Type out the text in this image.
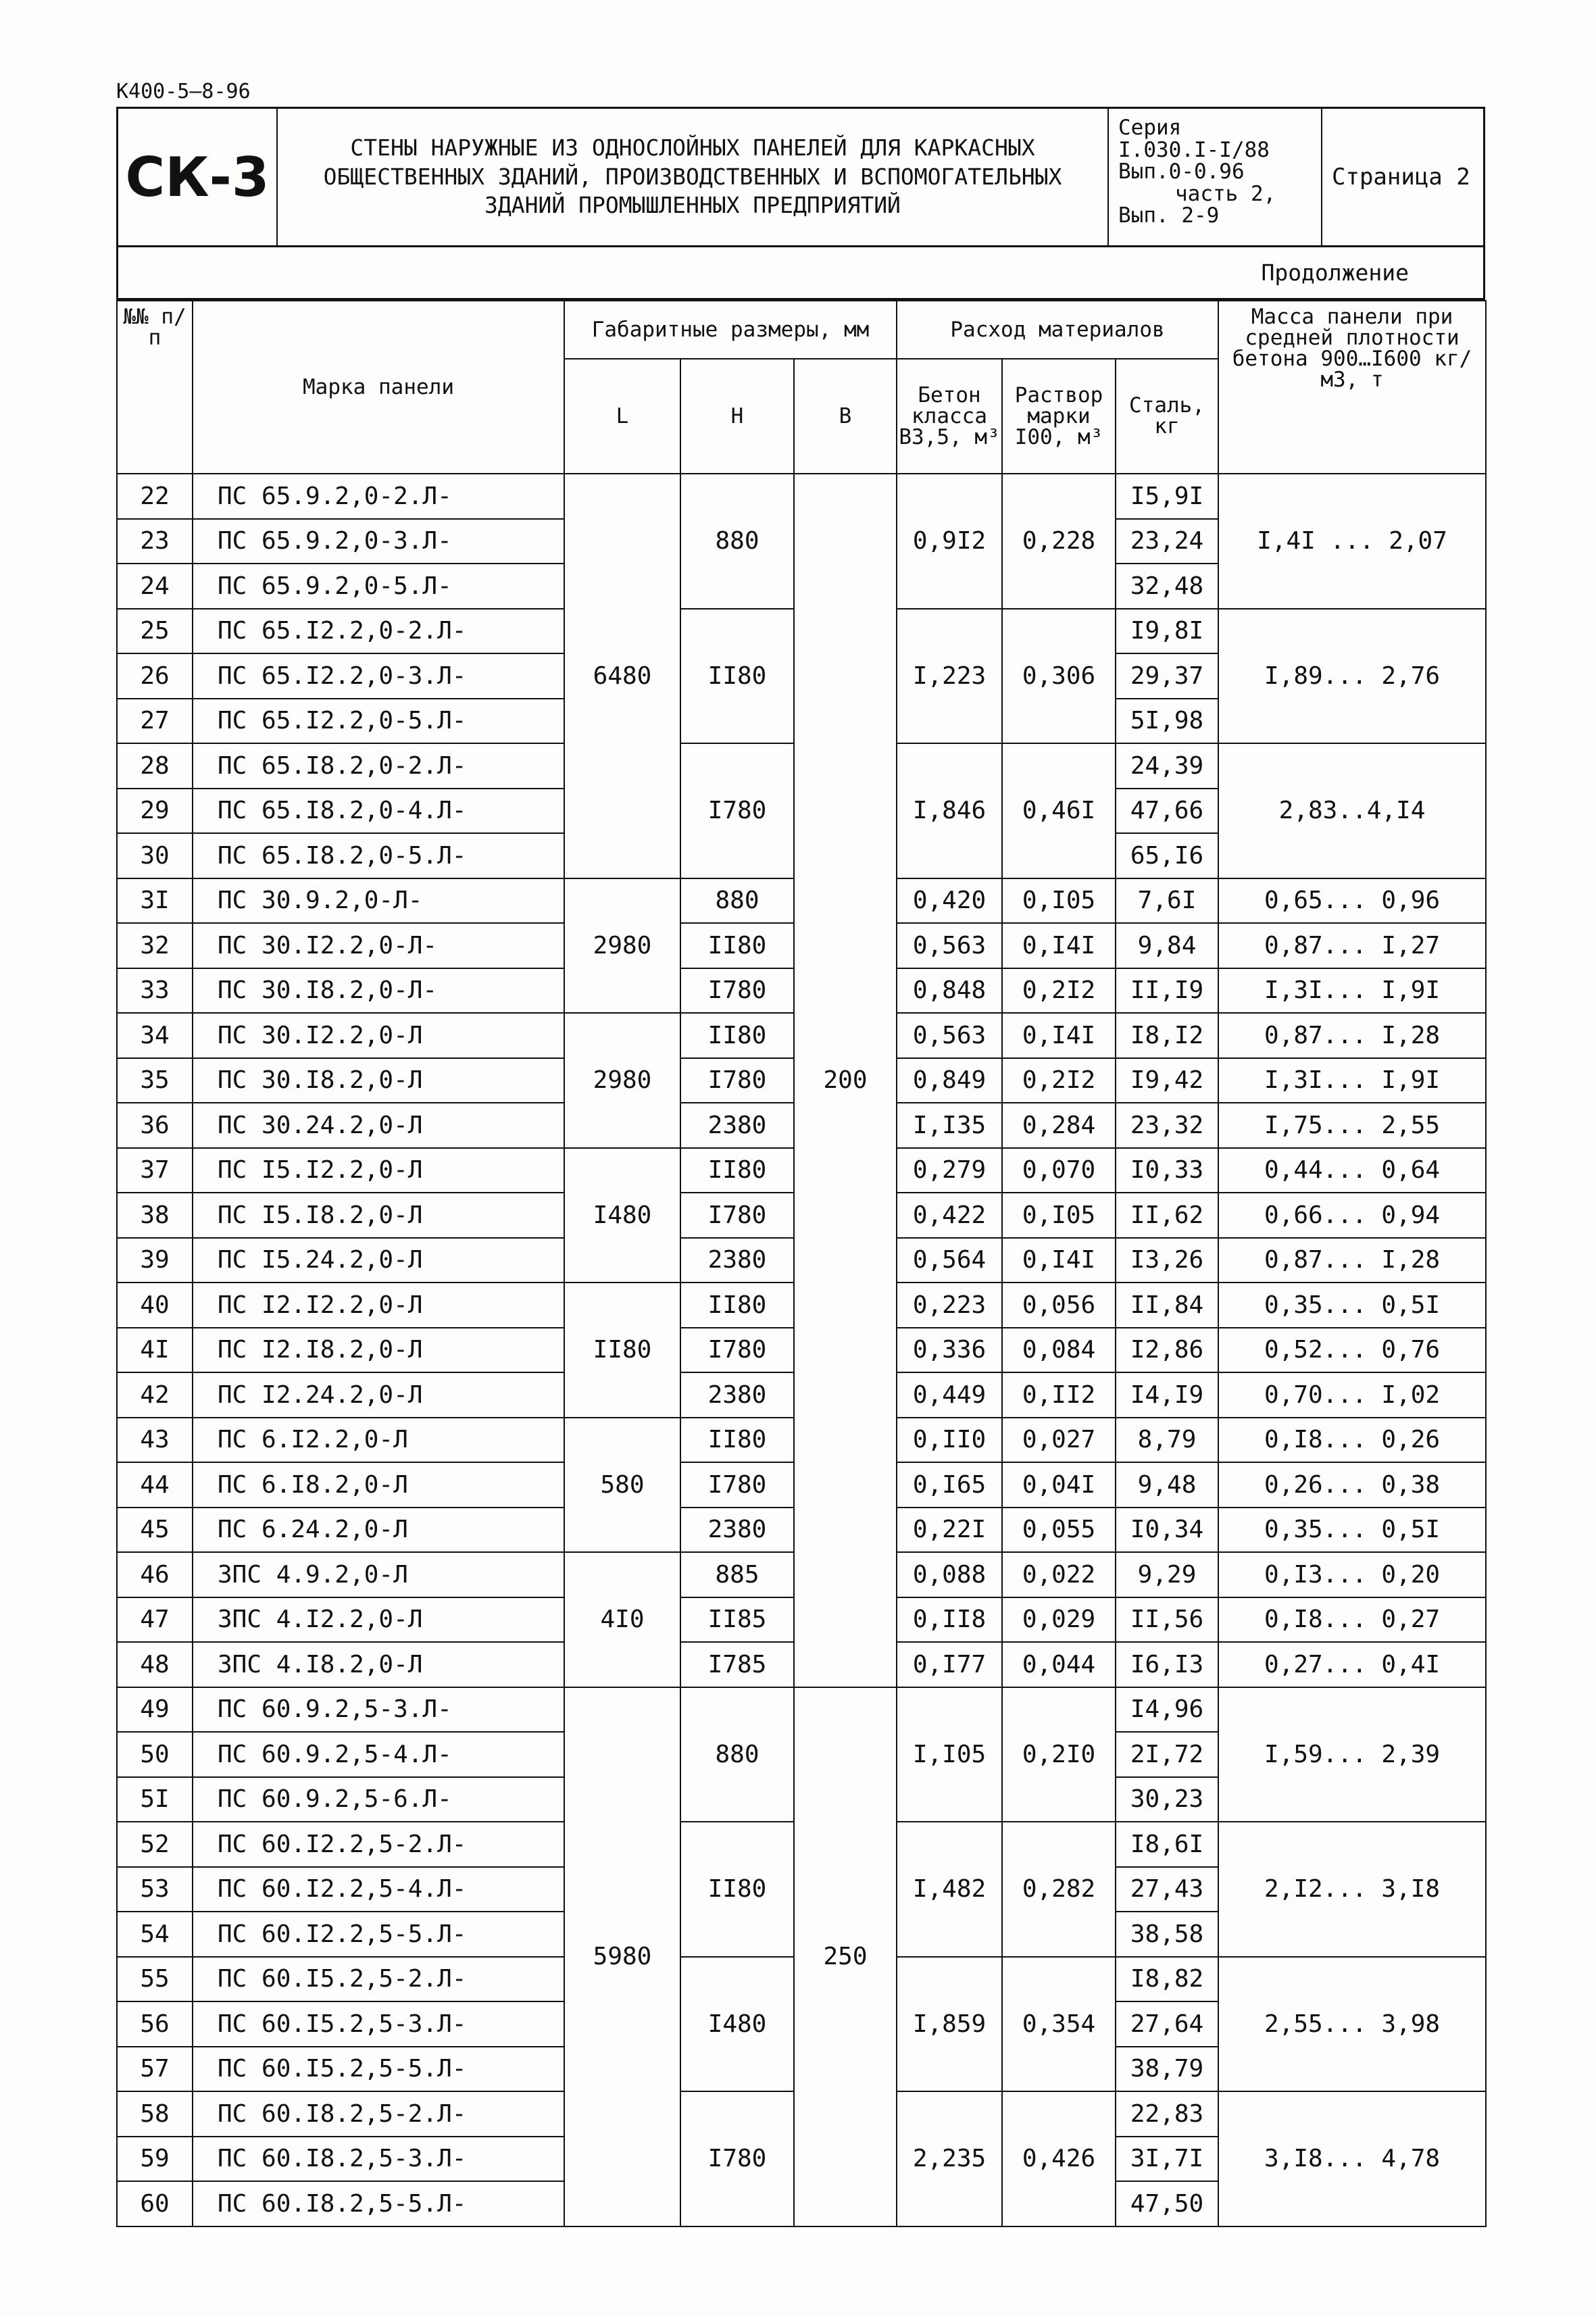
К400-5—8-96
СК-3	СТЕНЫ НАРУЖНЫЕ ИЗ ОДНОСЛОЙНЫХ ПАНЕЛЕЙ ДЛЯ КАРКАСНЫХ
ОБЩЕСТВЕННЫХ ЗДАНИЙ, ПРОИЗВОДСТВЕННЫХ И ВСПОМОГАТЕЛЬНЫХ
ЗДАНИЙ ПРОМЫШЛЕННЫХ ПРЕДПРИЯТИЙ
Серия
I.030.I-I/88
Вып.0-0.96
часть 2,
Вып. 2-9
Страница 2
Продолжение
№№ п/п	Марка панели	Габаритные размеры, мм			Расход материалов			Масса панели при средней плотности бетона 900…I600 кг/м3, т
		L	Н	В	Бетон класса В3,5, м³	Раствор марки I00, м³	Сталь, кг	
22	ПС 65.9.2,0-2.Л-	6480	880	200	0,9I2	0,228	I5,9I	I,4I ... 2,07
23	ПС 65.9.2,0-3.Л-						23,24	
24	ПС 65.9.2,0-5.Л-						32,48	
25	ПС 65.I2.2,0-2.Л-		II80		I,223	0,306	I9,8I	I,89... 2,76
26	ПС 65.I2.2,0-3.Л-						29,37	
27	ПС 65.I2.2,0-5.Л-						5I,98	
28	ПС 65.I8.2,0-2.Л-		I780		I,846	0,46I	24,39	2,83..4,I4
29	ПС 65.I8.2,0-4.Л-						47,66	
30	ПС 65.I8.2,0-5.Л-						65,I6	
3I	ПС 30.9.2,0-Л-	2980	880		0,420	0,I05	7,6I	0,65... 0,96
32	ПС 30.I2.2,0-Л-		II80		0,563	0,I4I	9,84	0,87... I,27
33	ПС 30.I8.2,0-Л-		I780		0,848	0,2I2	II,I9	I,3I... I,9I
34	ПС 30.I2.2,0-Л	2980	II80		0,563	0,I4I	I8,I2	0,87... I,28
35	ПС 30.I8.2,0-Л		I780		0,849	0,2I2	I9,42	I,3I... I,9I
36	ПС 30.24.2,0-Л		2380		I,I35	0,284	23,32	I,75... 2,55
37	ПС I5.I2.2,0-Л	I480	II80		0,279	0,070	I0,33	0,44... 0,64
38	ПС I5.I8.2,0-Л		I780		0,422	0,I05	II,62	0,66... 0,94
39	ПС I5.24.2,0-Л		2380		0,564	0,I4I	I3,26	0,87... I,28
40	ПС I2.I2.2,0-Л	II80	II80		0,223	0,056	II,84	0,35... 0,5I
4I	ПС I2.I8.2,0-Л		I780		0,336	0,084	I2,86	0,52... 0,76
42	ПС I2.24.2,0-Л		2380		0,449	0,II2	I4,I9	0,70... I,02
43	ПС 6.I2.2,0-Л	580	II80		0,II0	0,027	8,79	0,I8... 0,26
44	ПС 6.I8.2,0-Л		I780		0,I65	0,04I	9,48	0,26... 0,38
45	ПС 6.24.2,0-Л		2380		0,22I	0,055	I0,34	0,35... 0,5I
46	ЗПС 4.9.2,0-Л	4I0	885		0,088	0,022	9,29	0,I3... 0,20
47	ЗПС 4.I2.2,0-Л		II85		0,II8	0,029	II,56	0,I8... 0,27
48	ЗПС 4.I8.2,0-Л		I785		0,I77	0,044	I6,I3	0,27... 0,4I
49	ПС 60.9.2,5-3.Л-	5980	880	250	I,I05	0,2I0	I4,96	I,59... 2,39
50	ПС 60.9.2,5-4.Л-						2I,72	
5I	ПС 60.9.2,5-6.Л-						30,23	
52	ПС 60.I2.2,5-2.Л-		II80		I,482	0,282	I8,6I	2,I2... 3,I8
53	ПС 60.I2.2,5-4.Л-						27,43	
54	ПС 60.I2.2,5-5.Л-						38,58	
55	ПС 60.I5.2,5-2.Л-		I480		I,859	0,354	I8,82	2,55... 3,98
56	ПС 60.I5.2,5-3.Л-						27,64	
57	ПС 60.I5.2,5-5.Л-						38,79	
58	ПС 60.I8.2,5-2.Л-		I780		2,235	0,426	22,83	3,I8... 4,78
59	ПС 60.I8.2,5-3.Л-						3I,7I	
60	ПС 60.I8.2,5-5.Л-						47,50	
